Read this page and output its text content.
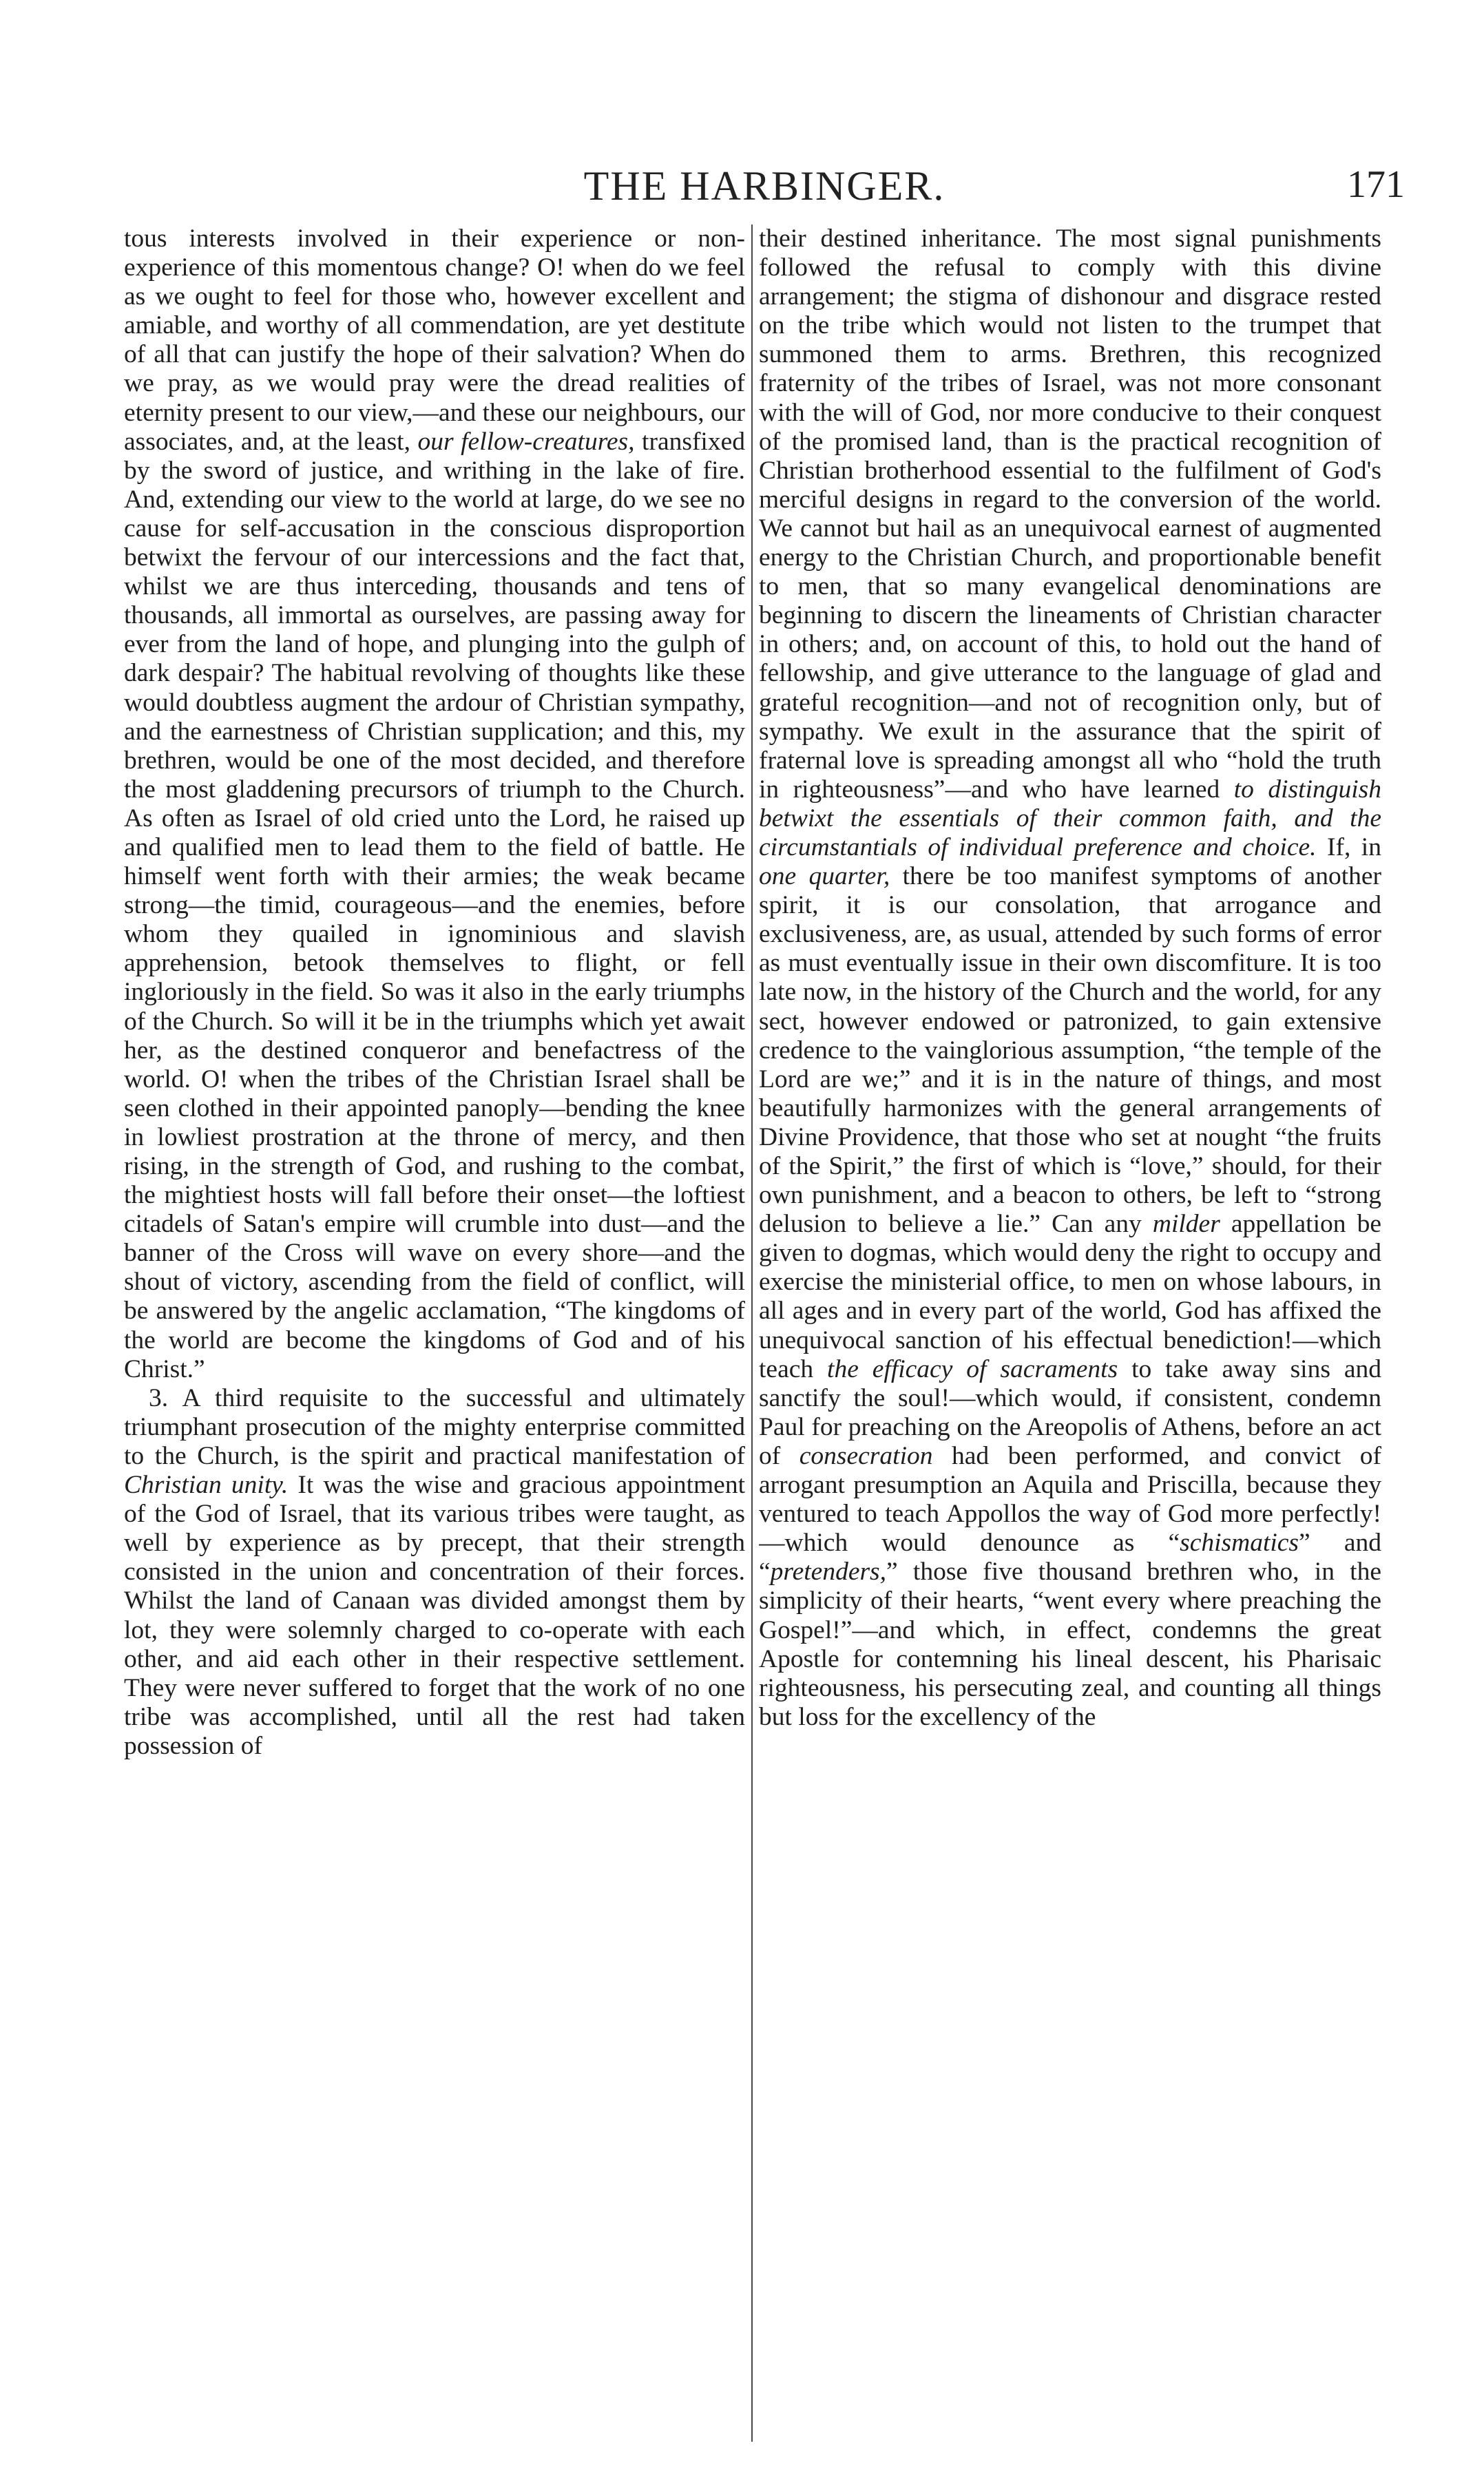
THE HARBINGER.	171

tous interests involved in their experience or non-experience of this momentous change? O! when do we feel as we ought to feel for those who, however excellent and amiable, and worthy of all commendation, are yet destitute of all that can justify the hope of their salvation? When do we pray, as we would pray were the dread realities of eternity present to our view,—and these our neighbours, our associates, and, at the least, our fellow-creatures, transfixed by the sword of justice, and writhing in the lake of fire. And, extending our view to the world at large, do we see no cause for self-accusation in the conscious disproportion betwixt the fervour of our intercessions and the fact that, whilst we are thus interceding, thousands and tens of thousands, all immortal as ourselves, are passing away for ever from the land of hope, and plunging into the gulph of dark despair? The habitual revolving of thoughts like these would doubtless augment the ardour of Christian sympathy, and the earnestness of Christian supplication; and this, my brethren, would be one of the most decided, and therefore the most gladdening precursors of triumph to the Church. As often as Israel of old cried unto the Lord, he raised up and qualified men to lead them to the field of battle. He himself went forth with their armies; the weak became strong—the timid, courageous—and the enemies, before whom they quailed in ignominious and slavish apprehension, betook themselves to flight, or fell ingloriously in the field. So was it also in the early triumphs of the Church. So will it be in the triumphs which yet await her, as the destined conqueror and benefactress of the world. O! when the tribes of the Christian Israel shall be seen clothed in their appointed panoply—bending the knee in lowliest prostration at the throne of mercy, and then rising, in the strength of God, and rushing to the combat, the mightiest hosts will fall before their onset—the loftiest citadels of Satan's empire will crumble into dust—and the banner of the Cross will wave on every shore—and the shout of victory, ascending from the field of conflict, will be answered by the angelic acclamation, “The kingdoms of the world are become the kingdoms of God and of his Christ.”

3. A third requisite to the successful and ultimately triumphant prosecution of the mighty enterprise committed to the Church, is the spirit and practical manifestation of Christian unity. It was the wise and gracious appointment of the God of Israel, that its various tribes were taught, as well by experience as by precept, that their strength consisted in the union and concentration of their forces. Whilst the land of Canaan was divided amongst them by lot, they were solemnly charged to co-operate with each other, and aid each other in their respective settlement. They were never suffered to forget that the work of no one tribe was accomplished, until all the rest had taken possession of

their destined inheritance. The most signal punishments followed the refusal to comply with this divine arrangement; the stigma of dishonour and disgrace rested on the tribe which would not listen to the trumpet that summoned them to arms. Brethren, this recognized fraternity of the tribes of Israel, was not more consonant with the will of God, nor more conducive to their conquest of the promised land, than is the practical recognition of Christian brotherhood essential to the fulfilment of God's merciful designs in regard to the conversion of the world. We cannot but hail as an unequivocal earnest of augmented energy to the Christian Church, and proportionable benefit to men, that so many evangelical denominations are beginning to discern the lineaments of Christian character in others; and, on account of this, to hold out the hand of fellowship, and give utterance to the language of glad and grateful recognition—and not of recognition only, but of sympathy. We exult in the assurance that the spirit of fraternal love is spreading amongst all who “hold the truth in righteousness”—and who have learned to distinguish betwixt the essentials of their common faith, and the circumstantials of individual preference and choice. If, in one quarter, there be too manifest symptoms of another spirit, it is our consolation, that arrogance and exclusiveness, are, as usual, attended by such forms of error as must eventually issue in their own discomfiture. It is too late now, in the history of the Church and the world, for any sect, however endowed or patronized, to gain extensive credence to the vainglorious assumption, “the temple of the Lord are we;” and it is in the nature of things, and most beautifully harmonizes with the general arrangements of Divine Providence, that those who set at nought “the fruits of the Spirit,” the first of which is “love,” should, for their own punishment, and a beacon to others, be left to “strong delusion to believe a lie.” Can any milder appellation be given to dogmas, which would deny the right to occupy and exercise the ministerial office, to men on whose labours, in all ages and in every part of the world, God has affixed the unequivocal sanction of his effectual benediction!—which teach the efficacy of sacraments to take away sins and sanctify the soul!—which would, if consistent, condemn Paul for preaching on the Areopolis of Athens, before an act of consecration had been performed, and convict of arrogant presumption an Aquila and Priscilla, because they ventured to teach Appollos the way of God more perfectly!—which would denounce as “schismatics” and “pretenders,” those five thousand brethren who, in the simplicity of their hearts, “went every where preaching the Gospel!”—and which, in effect, condemns the great Apostle for contemning his lineal descent, his Pharisaic righteousness, his persecuting zeal, and counting all things but loss for the excellency of the
